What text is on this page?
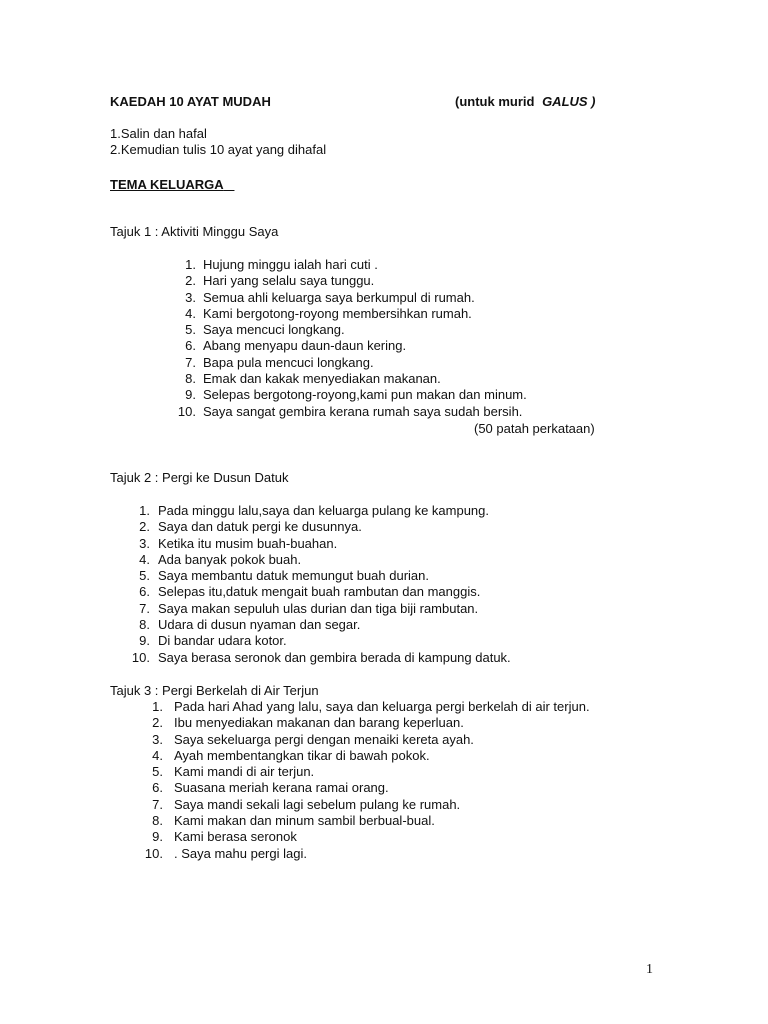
KAEDAH 10 AYAT MUDAH	(untuk murid GALUS )
1.Salin dan hafal
2.Kemudian tulis 10 ayat yang dihafal
TEMA KELUARGA
Tajuk 1 : Aktiviti Minggu Saya
1. Hujung minggu ialah hari cuti .
2. Hari yang selalu saya tunggu.
3. Semua ahli keluarga saya berkumpul di rumah.
4. Kami bergotong-royong membersihkan rumah.
5. Saya mencuci longkang.
6. Abang menyapu daun-daun kering.
7. Bapa pula mencuci longkang.
8. Emak dan kakak menyediakan makanan.
9. Selepas bergotong-royong,kami pun makan dan minum.
10. Saya sangat gembira kerana rumah saya sudah bersih.
(50 patah perkataan)
Tajuk 2 : Pergi ke Dusun Datuk
1. Pada minggu lalu,saya dan keluarga pulang ke kampung.
2. Saya dan datuk pergi ke dusunnya.
3. Ketika itu musim buah-buahan.
4. Ada banyak pokok buah.
5. Saya membantu datuk memungut buah durian.
6. Selepas itu,datuk mengait buah rambutan dan manggis.
7. Saya makan sepuluh ulas durian dan tiga biji rambutan.
8. Udara di dusun nyaman dan segar.
9. Di bandar udara kotor.
10. Saya berasa seronok dan gembira berada di kampung datuk.
Tajuk 3 : Pergi Berkelah di Air Terjun
1. Pada hari Ahad yang lalu, saya dan keluarga pergi berkelah di air terjun.
2. Ibu menyediakan makanan dan barang keperluan.
3. Saya sekeluarga pergi dengan menaiki kereta ayah.
4. Ayah membentangkan tikar di bawah pokok.
5. Kami mandi di air terjun.
6. Suasana meriah kerana ramai orang.
7. Saya mandi sekali lagi sebelum pulang ke rumah.
8. Kami makan dan minum sambil berbual-bual.
9. Kami berasa seronok
10. . Saya mahu pergi lagi.
1
